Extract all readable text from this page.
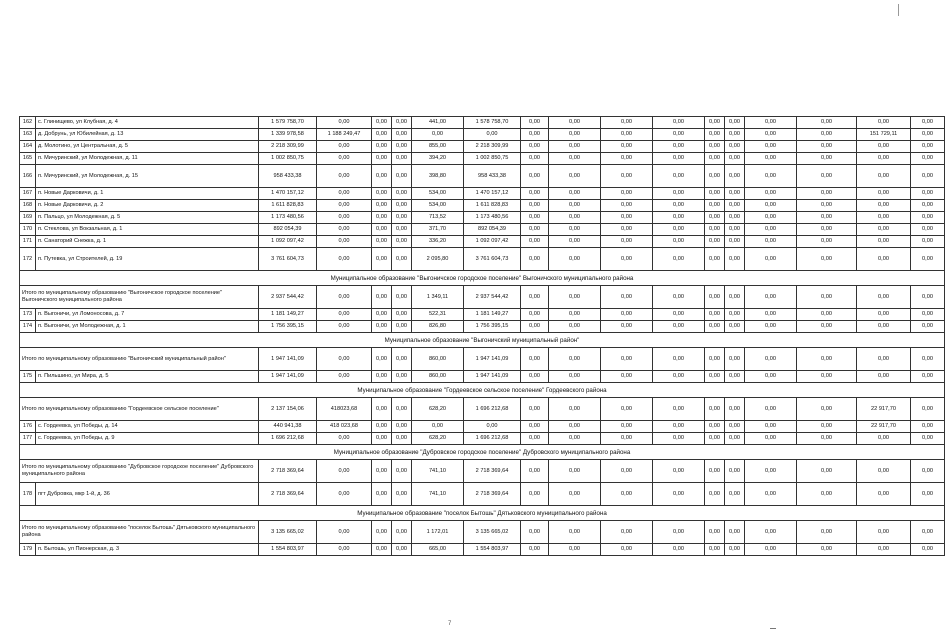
162	с. Глинищево, ул Клубная, д. 4	1 579 758,70	0,00	0,00	0,00	441,00	1 578 758,70	0,00	0,00	0,00	0,00	0,00	0,00	0,00	0,00	0,00	0,00
163	д. Добрунь, ул Юбилейная, д. 13	1 339 978,58	1 188 249,47	0,00	0,00	0,00	0,00	0,00	0,00	0,00	0,00	0,00	0,00	0,00	0,00	151 729,11	0,00
164	д. Молотино, ул Центральная, д. 5	2 218 309,99	0,00	0,00	0,00	855,00	2 218 309,99	0,00	0,00	0,00	0,00	0,00	0,00	0,00	0,00	0,00	0,00
165	п. Мичуринский, ул Молодежная, д. 11	1 002 850,75	0,00	0,00	0,00	394,20	1 002 850,75	0,00	0,00	0,00	0,00	0,00	0,00	0,00	0,00	0,00	0,00
166	п. Мичуринский, ул Молодежная, д. 15	958 433,38	0,00	0,00	0,00	398,80	958 433,38	0,00	0,00	0,00	0,00	0,00	0,00	0,00	0,00	0,00	0,00
167	п. Новые Дарковичи, д. 1	1 470 157,12	0,00	0,00	0,00	534,00	1 470 157,12	0,00	0,00	0,00	0,00	0,00	0,00	0,00	0,00	0,00	0,00
168	п. Новые Дарковичи, д. 2	1 611 828,83	0,00	0,00	0,00	534,00	1 611 828,83	0,00	0,00	0,00	0,00	0,00	0,00	0,00	0,00	0,00	0,00
169	п. Пальцо, ул Молодежная, д. 5	1 173 480,56	0,00	0,00	0,00	713,52	1 173 480,56	0,00	0,00	0,00	0,00	0,00	0,00	0,00	0,00	0,00	0,00
170	п. Стеклова, ул Вокзальная, д. 1	892 054,39	0,00	0,00	0,00	371,70	892 054,39	0,00	0,00	0,00	0,00	0,00	0,00	0,00	0,00	0,00	0,00
171	п. Санаторий Снежка, д. 1	1 092 097,42	0,00	0,00	0,00	336,20	1 092 097,42	0,00	0,00	0,00	0,00	0,00	0,00	0,00	0,00	0,00	0,00
172	п. Путевка, ул Строителей, д. 19	3 761 604,73	0,00	0,00	0,00	2 095,80	3 761 604,73	0,00	0,00	0,00	0,00	0,00	0,00	0,00	0,00	0,00	0,00
Муниципальное образование "Выгоничское городское поселение" Выгоничского муниципального района																	
Итого по муниципальному образованию "Выгоничское городское поселение" Выгоничского муниципального района		2 937 544,42	0,00	0,00	0,00	1 349,11	2 937 544,42	0,00	0,00	0,00	0,00	0,00	0,00	0,00	0,00	0,00	0,00
173	п. Выгоничи, ул Ломоносова, д. 7	1 181 149,27	0,00	0,00	0,00	522,31	1 181 149,27	0,00	0,00	0,00	0,00	0,00	0,00	0,00	0,00	0,00	0,00
174	п. Выгоничи, ул Молодежная, д. 1	1 756 395,15	0,00	0,00	0,00	826,80	1 756 395,15	0,00	0,00	0,00	0,00	0,00	0,00	0,00	0,00	0,00	0,00
Муниципальное образование "Выгоничский муниципальный район"																	
Итого по муниципальному образованию "Выгоничский муниципальный район"		1 947 141,09	0,00	0,00	0,00	860,00	1 947 141,09	0,00	0,00	0,00	0,00	0,00	0,00	0,00	0,00	0,00	0,00
175	п. Пильшино, ул Мира, д. 5	1 947 141,09	0,00	0,00	0,00	860,00	1 947 141,09	0,00	0,00	0,00	0,00	0,00	0,00	0,00	0,00	0,00	0,00
Муниципальное образование "Гордеевское сельское поселение" Гордеевского района																	
Итого по муниципальному образованию "Гордеевское сельское поселение"		2 137 154,06	418023,68	0,00	0,00	628,20	1 696 212,68	0,00	0,00	0,00	0,00	0,00	0,00	0,00	0,00	22 917,70	0,00
176	с. Гордеевка, ул Победы, д. 14	440 941,38	418 023,68	0,00	0,00	0,00	0,00	0,00	0,00	0,00	0,00	0,00	0,00	0,00	0,00	22 917,70	0,00
177	с. Гордеевка, ул Победы, д. 9	1 696 212,68	0,00	0,00	0,00	628,20	1 696 212,68	0,00	0,00	0,00	0,00	0,00	0,00	0,00	0,00	0,00	0,00
Муниципальное образование "Дубровское городское поселение" Дубровского муниципального района																	
Итого по муниципальному образованию "Дубровское городское поселение" Дубровского муниципального района		2 718 369,64	0,00	0,00	0,00	741,10	2 718 369,64	0,00	0,00	0,00	0,00	0,00	0,00	0,00	0,00	0,00	0,00
178	пгт Дубровка, мкр 1-й, д. 36	2 718 369,64	0,00	0,00	0,00	741,10	2 718 369,64	0,00	0,00	0,00	0,00	0,00	0,00	0,00	0,00	0,00	0,00
Муниципальное образование "поселок Бытошь" Дятьковского муниципального района																	
Итого по муниципальному образованию "поселок Бытошь" Дятьковского муниципального района		3 135 665,02	0,00	0,00	0,00	1 172,01	3 135 665,02	0,00	0,00	0,00	0,00	0,00	0,00	0,00	0,00	0,00	0,00
179	п. Бытошь, ул Пионерская, д. 3	1 554 803,97	0,00	0,00	0,00	665,00	1 554 803,97	0,00	0,00	0,00	0,00	0,00	0,00	0,00	0,00	0,00	0,00
7
